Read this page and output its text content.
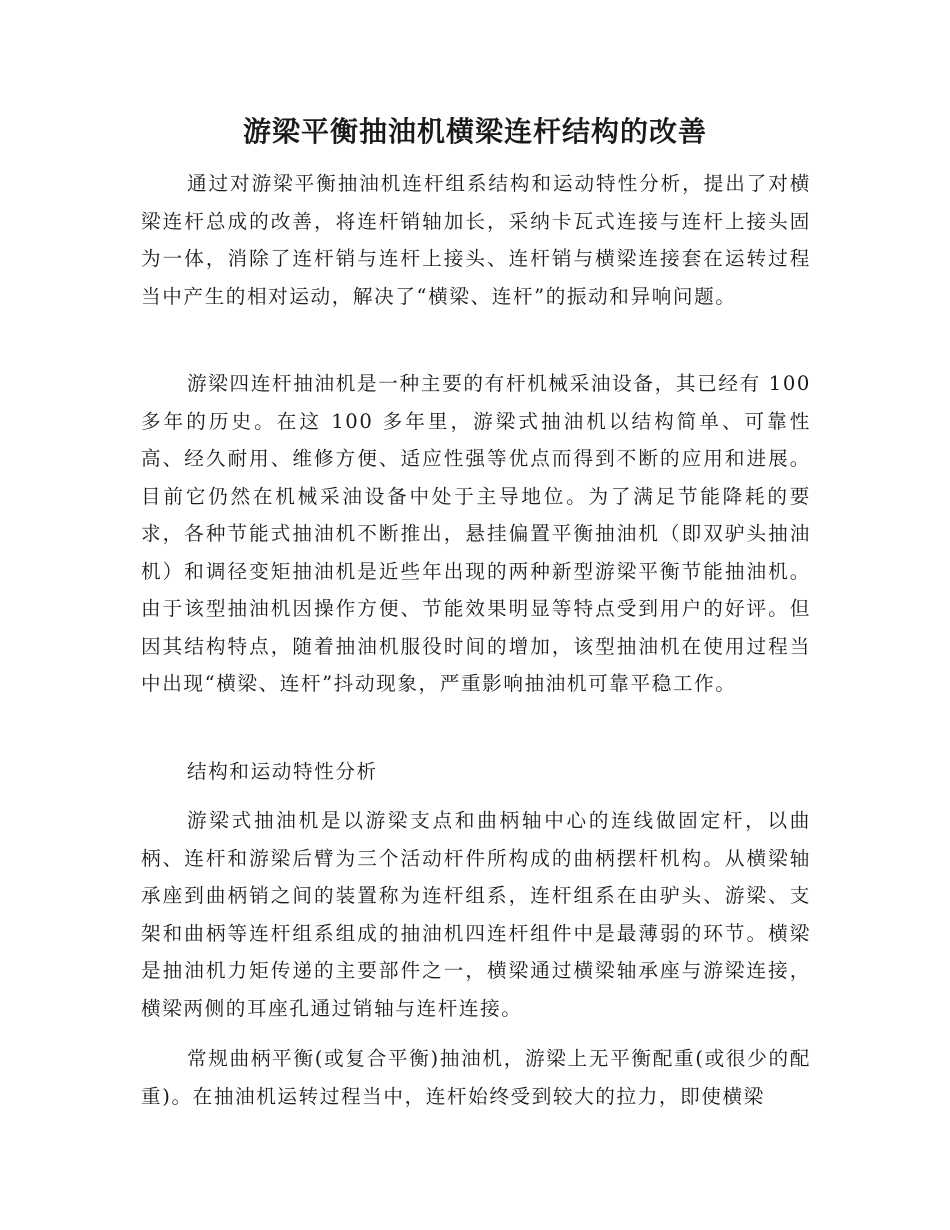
游梁平衡抽油机横梁连杆结构的改善

通过对游梁平衡抽油机连杆组系结构和运动特性分析，提出了对横梁连杆总成的改善，将连杆销轴加长，采纳卡瓦式连接与连杆上接头固为一体，消除了连杆销与连杆上接头、连杆销与横梁连接套在运转过程当中产生的相对运动，解决了“横梁、连杆”的振动和异响问题。

游梁四连杆抽油机是一种主要的有杆机械采油设备，其已经有 100 多年的历史。在这 100 多年里，游梁式抽油机以结构简单、可靠性高、经久耐用、维修方便、适应性强等优点而得到不断的应用和进展。目前它仍然在机械采油设备中处于主导地位。为了满足节能降耗的要求，各种节能式抽油机不断推出，悬挂偏置平衡抽油机（即双驴头抽油机）和调径变矩抽油机是近些年出现的两种新型游梁平衡节能抽油机。由于该型抽油机因操作方便、节能效果明显等特点受到用户的好评。但因其结构特点，随着抽油机服役时间的增加，该型抽油机在使用过程当中出现“横梁、连杆”抖动现象，严重影响抽油机可靠平稳工作。

结构和运动特性分析

游梁式抽油机是以游梁支点和曲柄轴中心的连线做固定杆，以曲柄、连杆和游梁后臂为三个活动杆件所构成的曲柄摆杆机构。从横梁轴承座到曲柄销之间的装置称为连杆组系，连杆组系在由驴头、游梁、支架和曲柄等连杆组系组成的抽油机四连杆组件中是最薄弱的环节。横梁是抽油机力矩传递的主要部件之一，横梁通过横梁轴承座与游梁连接，横梁两侧的耳座孔通过销轴与连杆连接。

常规曲柄平衡(或复合平衡)抽油机，游梁上无平衡配重(或很少的配重)。在抽油机运转过程当中，连杆始终受到较大的拉力，即使横梁
